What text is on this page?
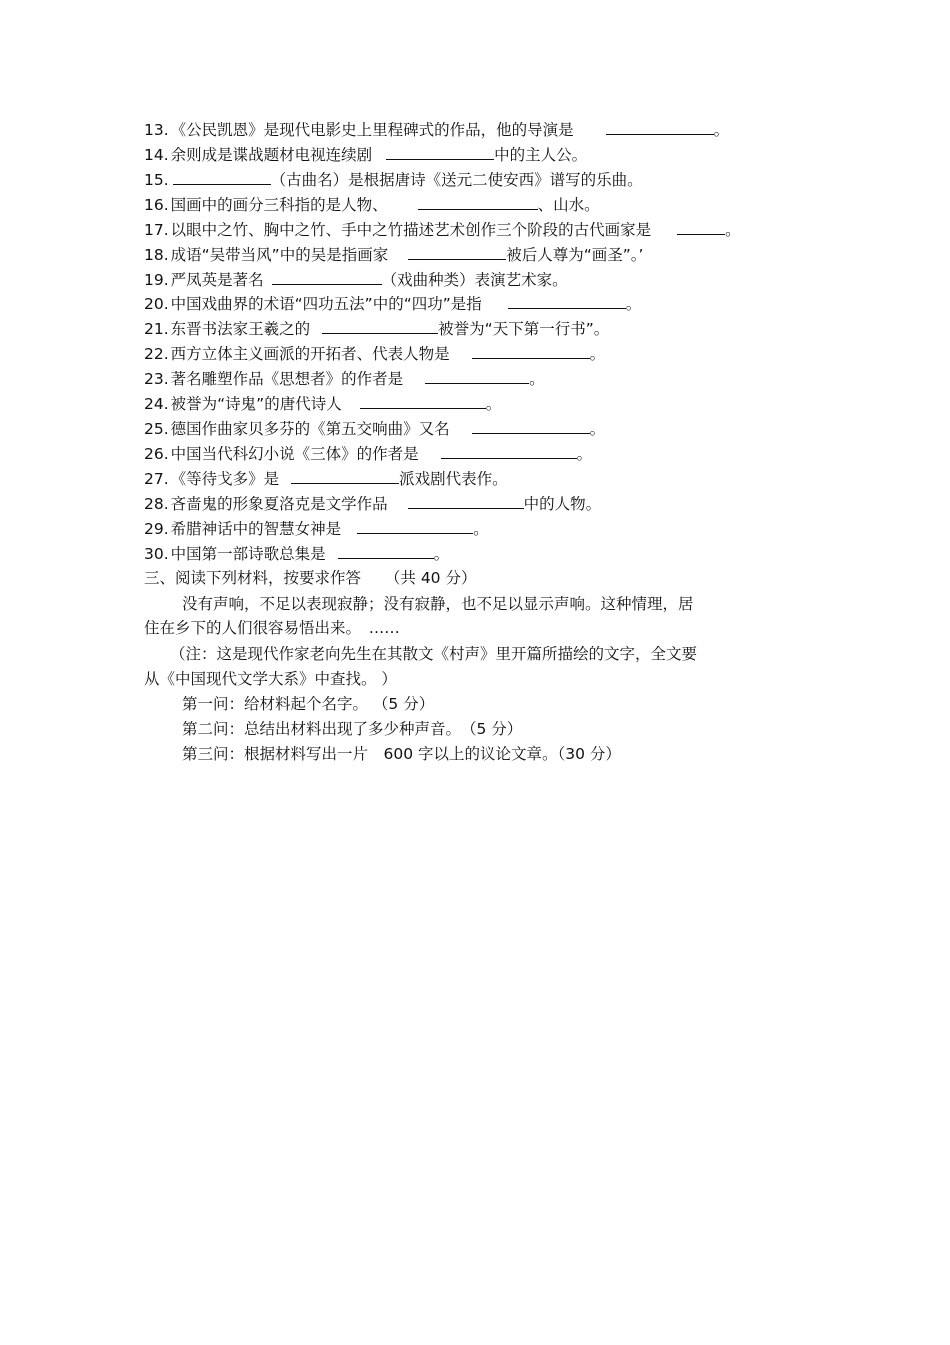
13. 《公民凯恩》是现代电影史上里程碑式的作品，他的导演是	。
14. 余则成是谍战题材电视连续剧	中的主人公。
15.	（古曲名）是根据唐诗《送元二使安西》谱写的乐曲。
16. 国画中的画分三科指的是人物、	、山水。
17. 以眼中之竹、胸中之竹、手中之竹描述艺术创作三个阶段的古代画家是	。
18. 成语“吴带当风”中的吴是指画家	被后人尊为“画圣”。’
19. 严凤英是著名	（戏曲种类）表演艺术家。
20. 中国戏曲界的术语“四功五法”中的“四功”是指	。
21. 东晋书法家王羲之的	被誉为“天下第一行书”。
22. 西方立体主义画派的开拓者、代表人物是	。
23. 著名雕塑作品《思想者》的作者是	。
24. 被誉为“诗鬼”的唐代诗人	。
25. 德国作曲家贝多芬的《第五交响曲》又名	。
26. 中国当代科幻小说《三体》的作者是	。
27. 《等待戈多》是	派戏剧代表作。
28. 吝啬鬼的形象夏洛克是文学作品	中的人物。
29. 希腊神话中的智慧女神是	。
30. 中国第一部诗歌总集是	。
三、阅读下列材料，按要求作答 （共 40 分）
没有声响，不足以表现寂静；没有寂静，也不足以显示声响。这种情理，居
住在乡下的人们很容易悟出来。　……
（注：这是现代作家老向先生在其散文《村声》里开篇所描绘的文字，全文要
从《中国现代文学大系》中查找。 ）
第一问：给材料起个名字。 （5 分）
第二问：总结出材料出现了多少种声音。　（5 分）
第三问：根据材料写出一片　600 字以上的议论文章。（30 分）
